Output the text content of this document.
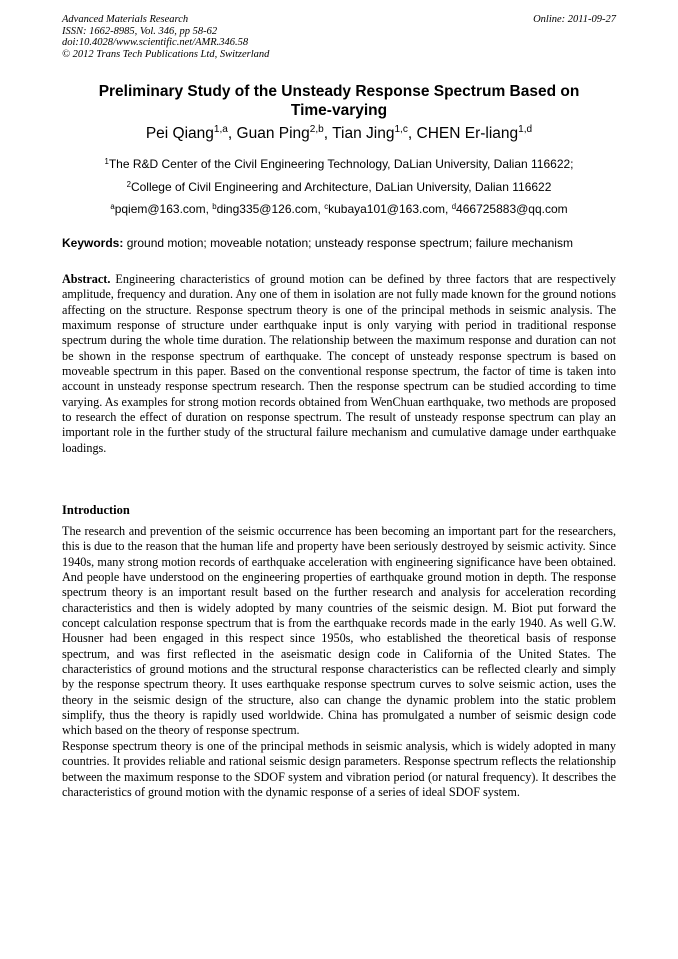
Advanced Materials Research
ISSN: 1662-8985, Vol. 346, pp 58-62
doi:10.4028/www.scientific.net/AMR.346.58
© 2012 Trans Tech Publications Ltd, Switzerland
Online: 2011-09-27
Preliminary Study of the Unsteady Response Spectrum Based on
Time-varying
Pei Qiang$^{1,a}$, Guan Ping$^{2,b}$, Tian Jing$^{1,c}$, CHEN Er-liang$^{1,d}$
$^1$The R&D Center of the Civil Engineering Technology, DaLian University, Dalian 116622;
$^2$College of Civil Engineering and Architecture, DaLian University, Dalian 116622
$^a$pqiem@163.com, $^b$ding335@126.com, $^c$kubaya101@163.com, $^d$466725883@qq.com
Keywords: ground motion; moveable notation; unsteady response spectrum; failure mechanism
Abstract. Engineering characteristics of ground motion can be defined by three factors that are respectively amplitude, frequency and duration. Any one of them in isolation are not fully made known for the ground notions affecting on the structure. Response spectrum theory is one of the principal methods in seismic analysis. The maximum response of structure under earthquake input is only varying with period in traditional response spectrum during the whole time duration. The relationship between the maximum response and duration can not be shown in the response spectrum of earthquake. The concept of unsteady response spectrum is based on moveable spectrum in this paper. Based on the conventional response spectrum, the factor of time is taken into account in unsteady response spectrum research. Then the response spectrum can be studied according to time varying. As examples for strong motion records obtained from WenChuan earthquake, two methods are proposed to research the effect of duration on response spectrum. The result of unsteady response spectrum can play an important role in the further study of the structural failure mechanism and cumulative damage under earthquake loadings.
Introduction

The research and prevention of the seismic occurrence has been becoming an important part for the researchers, this is due to the reason that the human life and property have been seriously destroyed by seismic activity. Since 1940s, many strong motion records of earthquake acceleration with engineering significance have been obtained. And people have understood on the engineering properties of earthquake ground motion in depth. The response spectrum theory is an important result based on the further research and analysis for acceleration recording characteristics and then is widely adopted by many countries of the seismic design. M. Biot put forward the concept calculation response spectrum that is from the earthquake records made in the early 1940. As well G.W. Housner had been engaged in this respect since 1950s, who established the theoretical basis of response spectrum, and was first reflected in the aseismatic design code in California of the United States. The characteristics of ground motions and the structural response characteristics can be reflected clearly and simply by the response spectrum theory. It uses earthquake response spectrum curves to solve seismic action, uses the theory in the seismic design of the structure, also can change the dynamic problem into the static problem simplify, thus the theory is rapidly used worldwide. China has promulgated a number of seismic design code which based on the theory of response spectrum.

Response spectrum theory is one of the principal methods in seismic analysis, which is widely adopted in many countries. It provides reliable and rational seismic design parameters. Response spectrum reflects the relationship between the maximum response to the SDOF system and vibration period (or natural frequency). It describes the characteristics of ground motion with the dynamic response of a series of ideal SDOF system.
